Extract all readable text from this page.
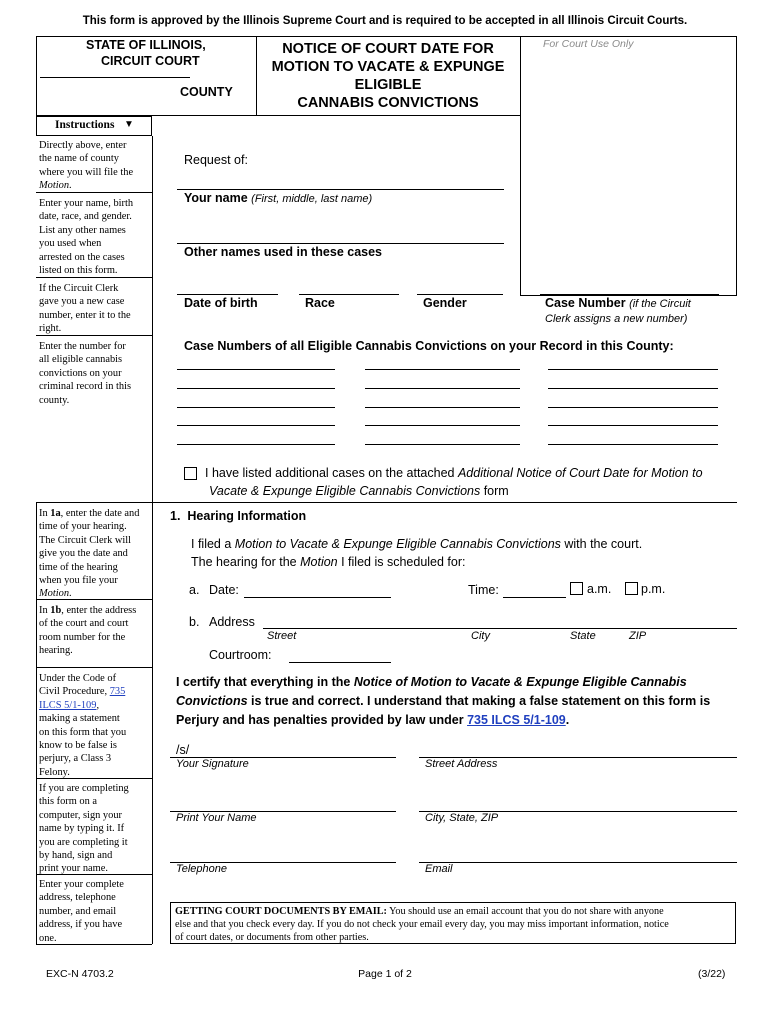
This form is approved by the Illinois Supreme Court and is required to be accepted in all Illinois Circuit Courts.
STATE OF ILLINOIS,
CIRCUIT COURT
COUNTY
NOTICE OF COURT DATE FOR
MOTION TO VACATE & EXPUNGE
ELIGIBLE
CANNABIS CONVICTIONS
For Court Use Only
Instructions ▼
Directly above, enter
the name of county
where you will file the
Motion.
Enter your name, birth
date, race, and gender.
List any other names
you used when
arrested on the cases
listed on this form.
If the Circuit Clerk
gave you a new case
number, enter it to the
right.
Enter the number for
all eligible cannabis
convictions on your
criminal record in this
county.
In 1a, enter the date and
time of your hearing.
The Circuit Clerk will
give you the date and
time of the hearing
when you file your
Motion.
In 1b, enter the address
of the court and court
room number for the
hearing.
Under the Code of
Civil Procedure, 735
ILCS 5/1-109,
making a statement
on this form that you
know to be false is
perjury, a Class 3
Felony.
If you are completing
this form on a
computer, sign your
name by typing it. If
you are completing it
by hand, sign and
print your name.
Enter your complete
address, telephone
number, and email
address, if you have
one.
Request of:
Your name (First, middle, last name)
Other names used in these cases
Date of birth	Race	Gender	Case Number (if the Circuit
Clerk assigns a new number)
Case Numbers of all Eligible Cannabis Convictions on your Record in this County:
I have listed additional cases on the attached Additional Notice of Court Date for Motion to
Vacate & Expunge Eligible Cannabis Convictions form
1. Hearing Information
I filed a Motion to Vacate & Expunge Eligible Cannabis Convictions with the court.
The hearing for the Motion I filed is scheduled for:
a. Date:	Time:	a.m. p.m.
b. Address
Street	City	State	ZIP
Courtroom:
I certify that everything in the Notice of Motion to Vacate & Expunge Eligible Cannabis
Convictions is true and correct. I understand that making a false statement on this form is
Perjury and has penalties provided by law under 735 ILCS 5/1-109.
/s/
Your Signature	Street Address
Print Your Name	City, State, ZIP
Telephone	Email
GETTING COURT DOCUMENTS BY EMAIL: You should use an email account that you do not share with anyone
else and that you check every day. If you do not check your email every day, you may miss important information, notice
of court dates, or documents from other parties.
EXC-N 4703.2	Page 1 of 2	(3/22)
